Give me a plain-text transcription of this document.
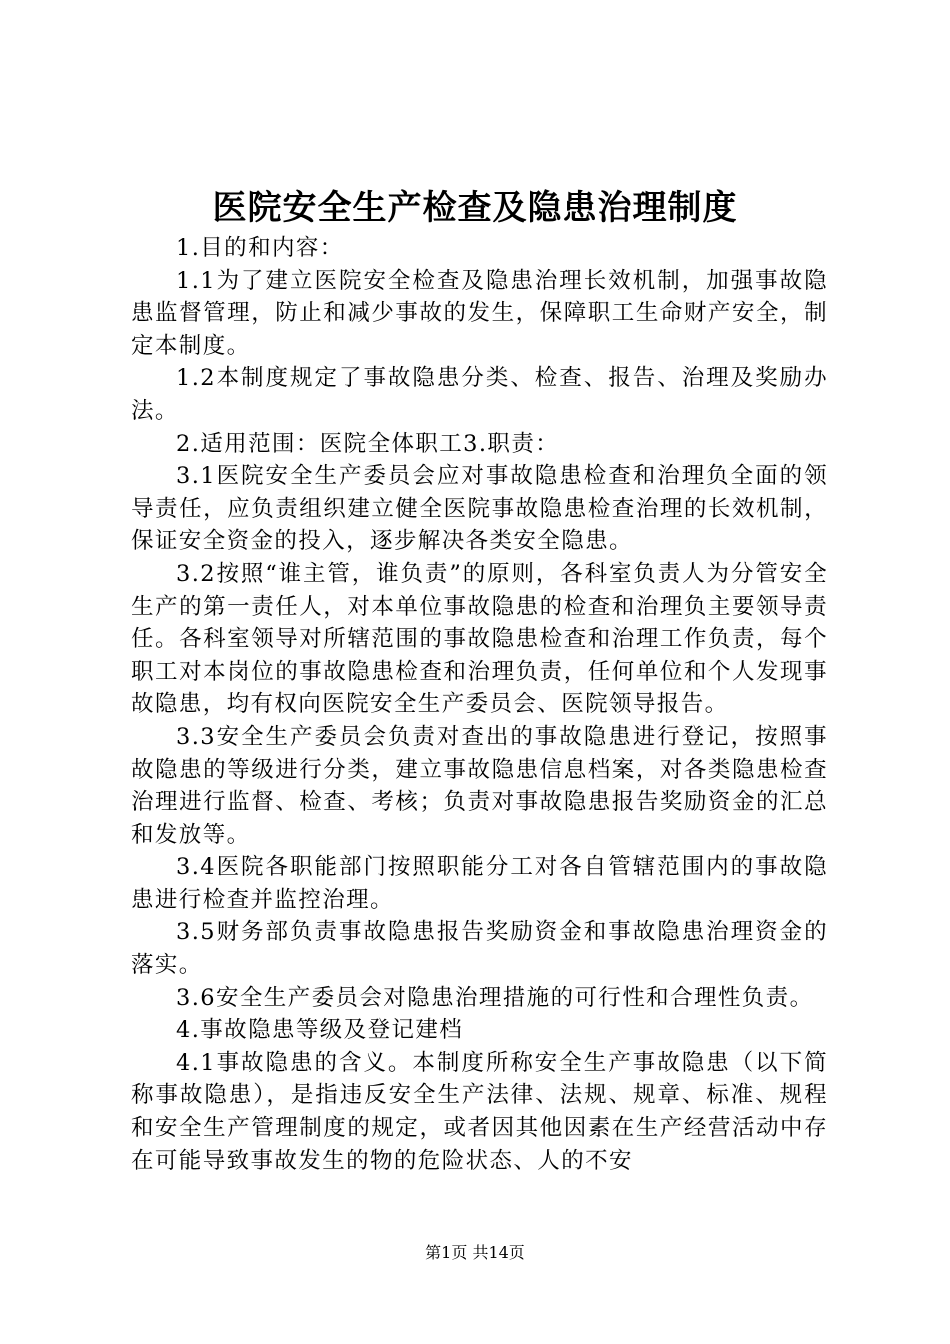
医院安全生产检查及隐患治理制度

1.目的和内容：

1.1为了建立医院安全检查及隐患治理长效机制，加强事故隐患监督管理，防止和减少事故的发生，保障职工生命财产安全，制定本制度。

1.2本制度规定了事故隐患分类、检查、报告、治理及奖励办法。

2.适用范围：医院全体职工3.职责：

3.1医院安全生产委员会应对事故隐患检查和治理负全面的领导责任，应负责组织建立健全医院事故隐患检查治理的长效机制，保证安全资金的投入，逐步解决各类安全隐患。

3.2按照“谁主管，谁负责”的原则，各科室负责人为分管安全生产的第一责任人，对本单位事故隐患的检查和治理负主要领导责任。各科室领导对所辖范围的事故隐患检查和治理工作负责，每个职工对本岗位的事故隐患检查和治理负责，任何单位和个人发现事故隐患，均有权向医院安全生产委员会、医院领导报告。

3.3安全生产委员会负责对查出的事故隐患进行登记，按照事故隐患的等级进行分类，建立事故隐患信息档案，对各类隐患检查治理进行监督、检查、考核；负责对事故隐患报告奖励资金的汇总和发放等。

3.4医院各职能部门按照职能分工对各自管辖范围内的事故隐患进行检查并监控治理。

3.5财务部负责事故隐患报告奖励资金和事故隐患治理资金的落实。

3.6安全生产委员会对隐患治理措施的可行性和合理性负责。

4.事故隐患等级及登记建档

4.1事故隐患的含义。本制度所称安全生产事故隐患（以下简称事故隐患），是指违反安全生产法律、法规、规章、标准、规程和安全生产管理制度的规定，或者因其他因素在生产经营活动中存在可能导致事故发生的物的危险状态、人的不安

第1页 共14页
